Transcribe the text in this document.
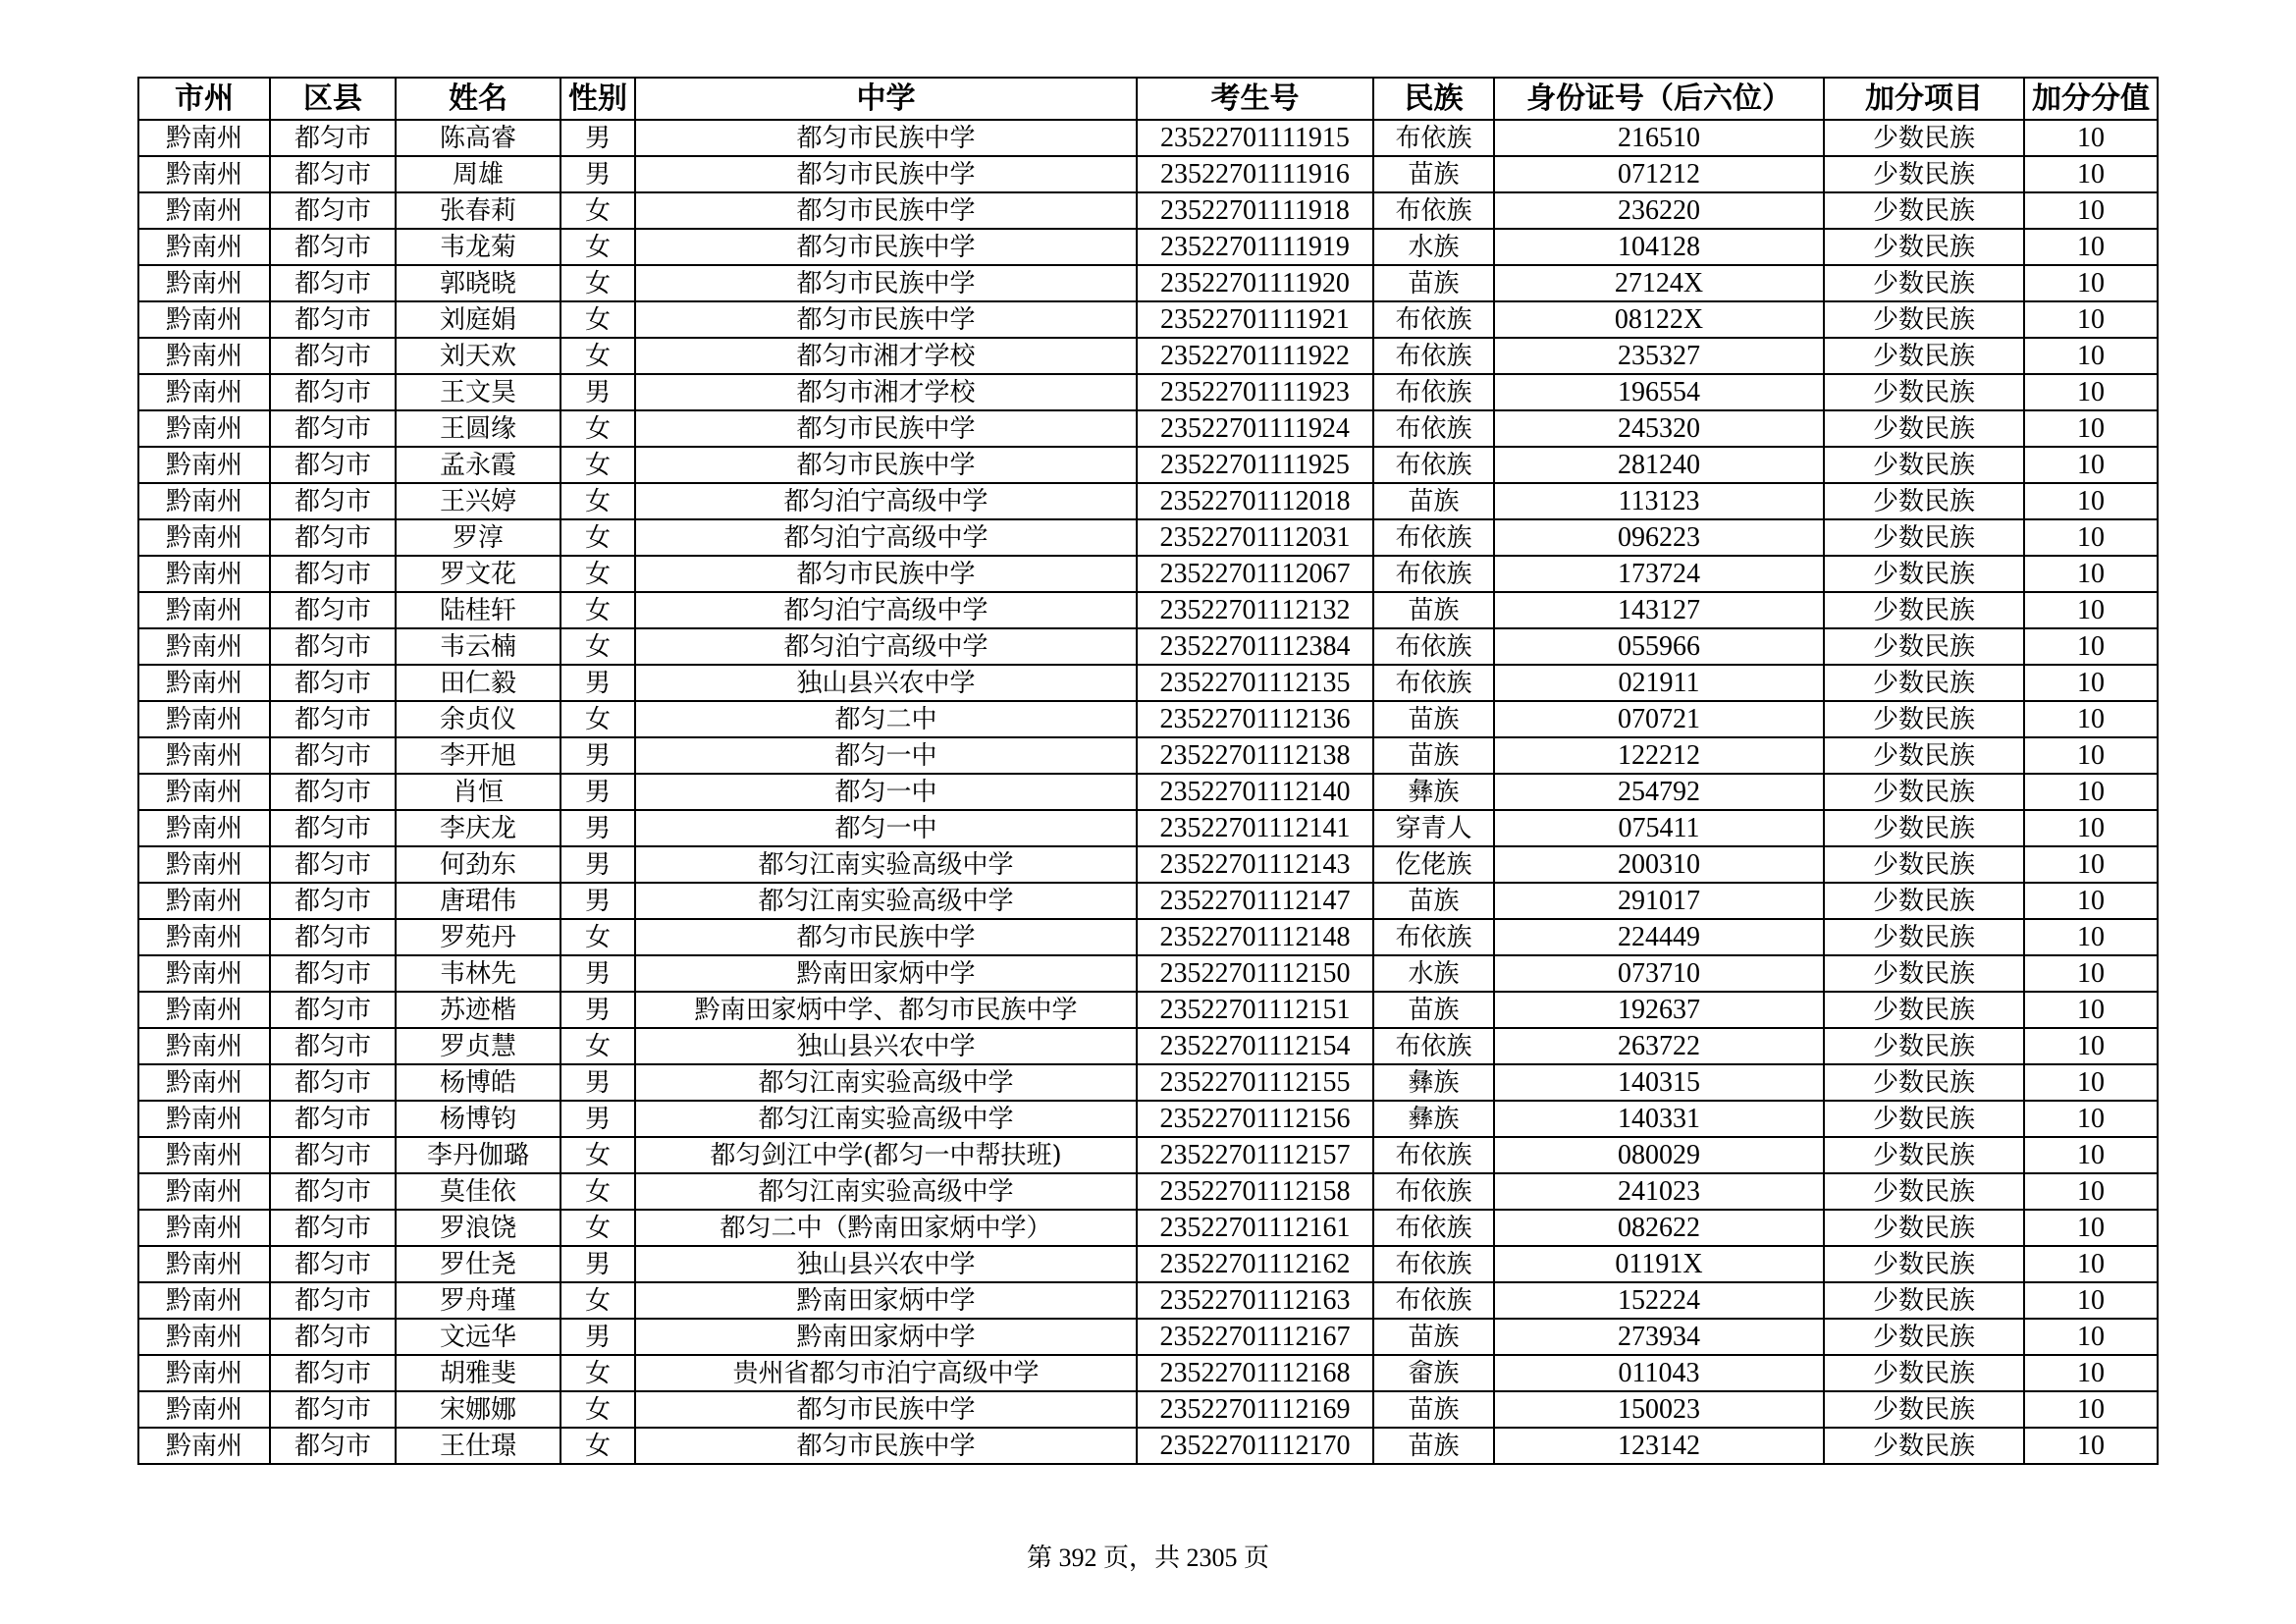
市州	区县	姓名	性别	中学	考生号	民族	身份证号（后六位）	加分项目	加分分值
黔南州	都匀市	陈高睿	男	都匀市民族中学	23522701111915	布依族	216510	少数民族	10
黔南州	都匀市	周雄	男	都匀市民族中学	23522701111916	苗族	071212	少数民族	10
黔南州	都匀市	张春莉	女	都匀市民族中学	23522701111918	布依族	236220	少数民族	10
黔南州	都匀市	韦龙菊	女	都匀市民族中学	23522701111919	水族	104128	少数民族	10
黔南州	都匀市	郭晓晓	女	都匀市民族中学	23522701111920	苗族	27124X	少数民族	10
黔南州	都匀市	刘庭娟	女	都匀市民族中学	23522701111921	布依族	08122X	少数民族	10
黔南州	都匀市	刘天欢	女	都匀市湘才学校	23522701111922	布依族	235327	少数民族	10
黔南州	都匀市	王文昊	男	都匀市湘才学校	23522701111923	布依族	196554	少数民族	10
黔南州	都匀市	王圆缘	女	都匀市民族中学	23522701111924	布依族	245320	少数民族	10
黔南州	都匀市	孟永霞	女	都匀市民族中学	23522701111925	布依族	281240	少数民族	10
黔南州	都匀市	王兴婷	女	都匀泊宁高级中学	23522701112018	苗族	113123	少数民族	10
黔南州	都匀市	罗淳	女	都匀泊宁高级中学	23522701112031	布依族	096223	少数民族	10
黔南州	都匀市	罗文花	女	都匀市民族中学	23522701112067	布依族	173724	少数民族	10
黔南州	都匀市	陆桂轩	女	都匀泊宁高级中学	23522701112132	苗族	143127	少数民族	10
黔南州	都匀市	韦云楠	女	都匀泊宁高级中学	23522701112384	布依族	055966	少数民族	10
黔南州	都匀市	田仁毅	男	独山县兴农中学	23522701112135	布依族	021911	少数民族	10
黔南州	都匀市	余贞仪	女	都匀二中	23522701112136	苗族	070721	少数民族	10
黔南州	都匀市	李开旭	男	都匀一中	23522701112138	苗族	122212	少数民族	10
黔南州	都匀市	肖恒	男	都匀一中	23522701112140	彝族	254792	少数民族	10
黔南州	都匀市	李庆龙	男	都匀一中	23522701112141	穿青人	075411	少数民族	10
黔南州	都匀市	何劲东	男	都匀江南实验高级中学	23522701112143	仡佬族	200310	少数民族	10
黔南州	都匀市	唐珺伟	男	都匀江南实验高级中学	23522701112147	苗族	291017	少数民族	10
黔南州	都匀市	罗苑丹	女	都匀市民族中学	23522701112148	布依族	224449	少数民族	10
黔南州	都匀市	韦林先	男	黔南田家炳中学	23522701112150	水族	073710	少数民族	10
黔南州	都匀市	苏迹楷	男	黔南田家炳中学、都匀市民族中学	23522701112151	苗族	192637	少数民族	10
黔南州	都匀市	罗贞慧	女	独山县兴农中学	23522701112154	布依族	263722	少数民族	10
黔南州	都匀市	杨博皓	男	都匀江南实验高级中学	23522701112155	彝族	140315	少数民族	10
黔南州	都匀市	杨博钧	男	都匀江南实验高级中学	23522701112156	彝族	140331	少数民族	10
黔南州	都匀市	李丹伽璐	女	都匀剑江中学(都匀一中帮扶班)	23522701112157	布依族	080029	少数民族	10
黔南州	都匀市	莫佳依	女	都匀江南实验高级中学	23522701112158	布依族	241023	少数民族	10
黔南州	都匀市	罗浪饶	女	都匀二中（黔南田家炳中学）	23522701112161	布依族	082622	少数民族	10
黔南州	都匀市	罗仕尧	男	独山县兴农中学	23522701112162	布依族	01191X	少数民族	10
黔南州	都匀市	罗舟瑾	女	黔南田家炳中学	23522701112163	布依族	152224	少数民族	10
黔南州	都匀市	文远华	男	黔南田家炳中学	23522701112167	苗族	273934	少数民族	10
黔南州	都匀市	胡雅斐	女	贵州省都匀市泊宁高级中学	23522701112168	畲族	011043	少数民族	10
黔南州	都匀市	宋娜娜	女	都匀市民族中学	23522701112169	苗族	150023	少数民族	10
黔南州	都匀市	王仕璟	女	都匀市民族中学	23522701112170	苗族	123142	少数民族	10
第 392 页，共 2305 页
